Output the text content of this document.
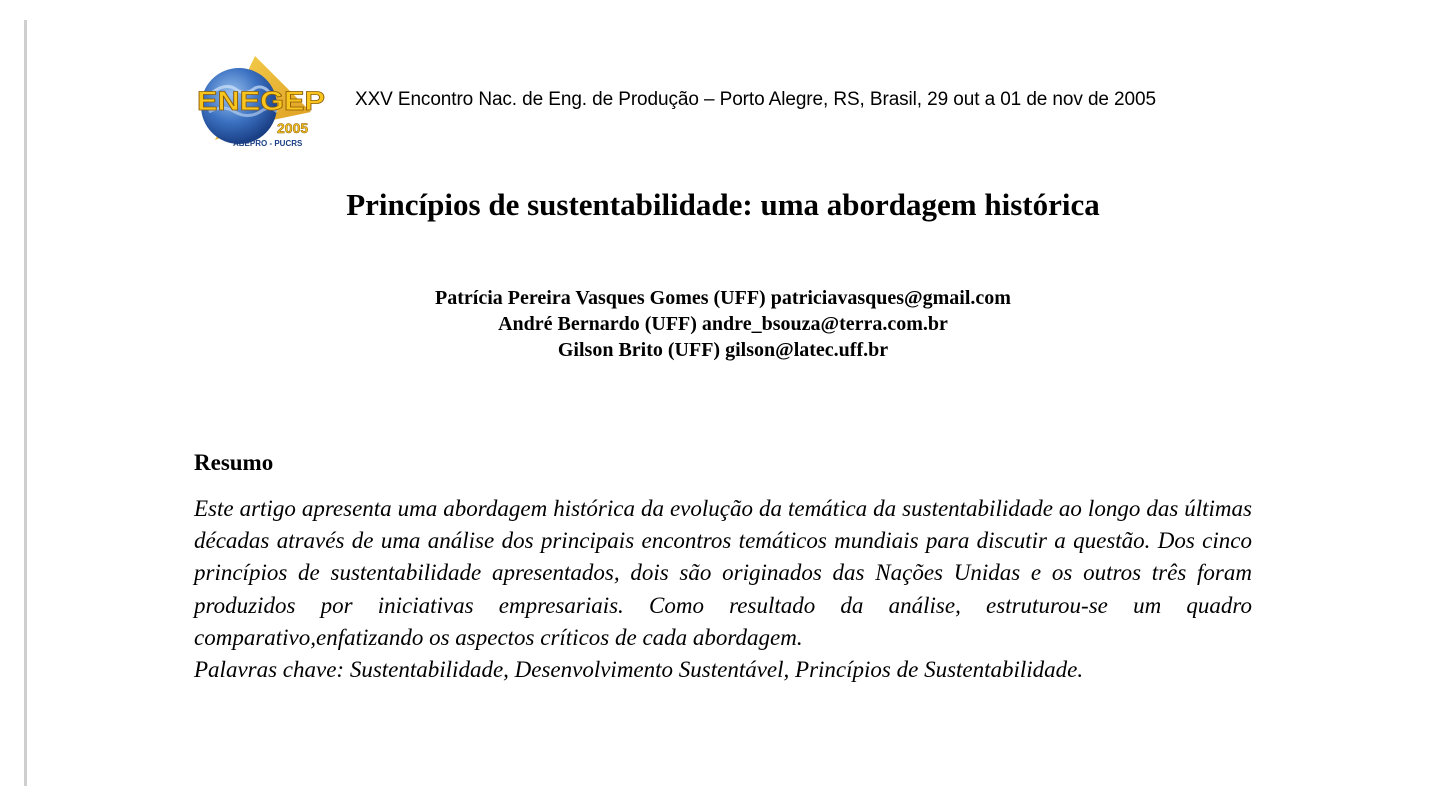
ENEGEP
2005
ABEPRO - PUCRS
XXV Encontro Nac. de Eng. de Produção – Porto Alegre, RS, Brasil, 29 out a 01 de nov de 2005
Princípios de sustentabilidade: uma abordagem histórica
Patrícia Pereira Vasques Gomes (UFF) patriciavasques@gmail.com
André Bernardo (UFF) andre_bsouza@terra.com.br
Gilson Brito (UFF) gilson@latec.uff.br
Resumo
Este artigo apresenta uma abordagem histórica da evolução da temática da sustentabilidade ao longo das últimas décadas através de uma análise dos principais encontros temáticos mundiais para discutir a questão. Dos cinco princípios de sustentabilidade apresentados, dois são originados das Nações Unidas e os outros três foram produzidos por iniciativas empresariais. Como resultado da análise, estruturou-se um quadro comparativo,enfatizando os aspectos críticos de cada abordagem.
Palavras chave: Sustentabilidade, Desenvolvimento Sustentável, Princípios de Sustentabilidade.
